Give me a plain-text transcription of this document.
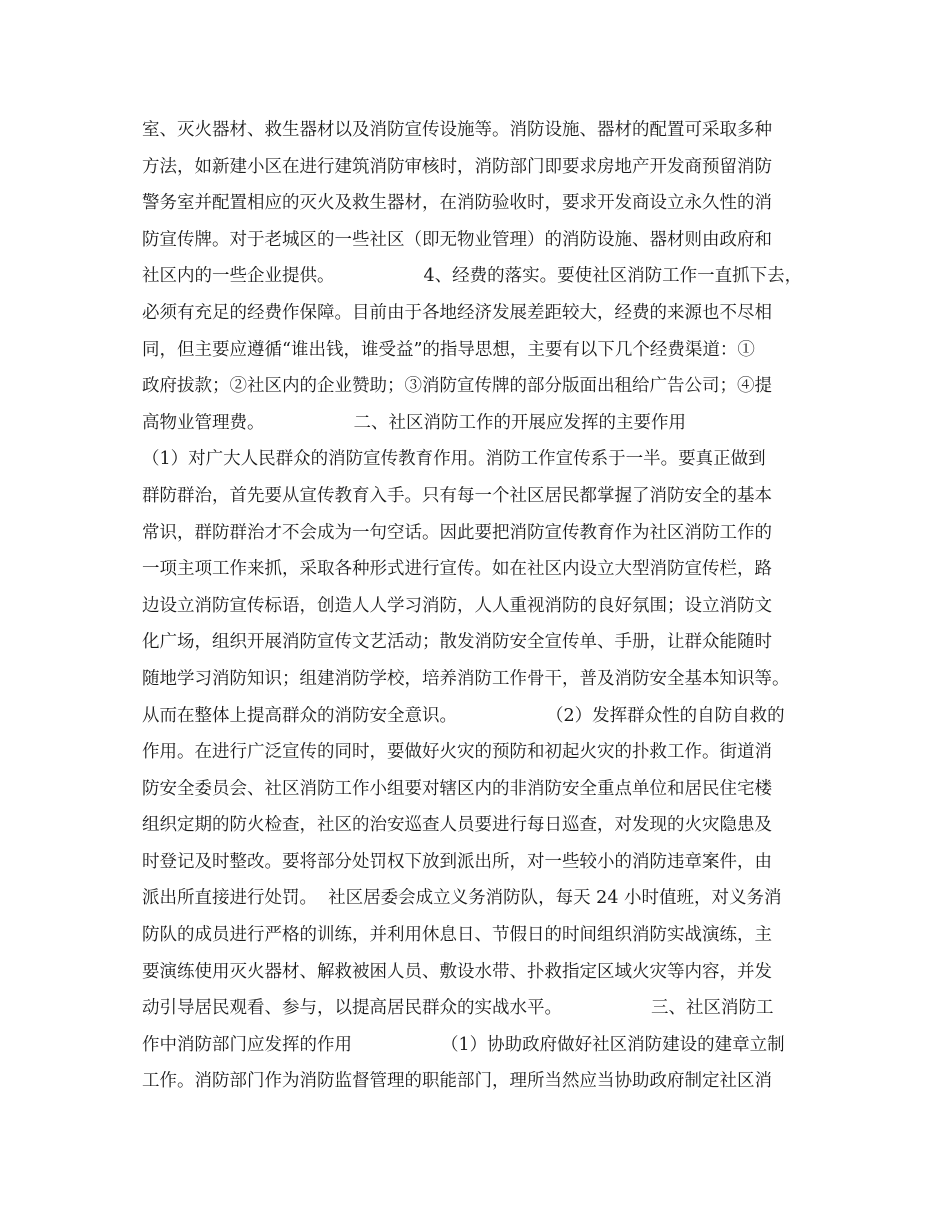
室、灭火器材、救生器材以及消防宣传设施等。消防设施、器材的配置可采取多种
方法，如新建小区在进行建筑消防审核时，消防部门即要求房地产开发商预留消防
警务室并配置相应的灭火及救生器材，在消防验收时，要求开发商设立永久性的消
防宣传牌。对于老城区的一些社区（即无物业管理）的消防设施、器材则由政府和
社区内的一些企业提供。                4、经费的落实。要使社区消防工作一直抓下去，
必须有充足的经费作保障。目前由于各地经济发展差距较大，经费的来源也不尽相
同，但主要应遵循“谁出钱，谁受益”的指导思想，主要有以下几个经费渠道：①
政府拔款；②社区内的企业赞助；③消防宣传牌的部分版面出租给广告公司；④提
高物业管理费。                二、社区消防工作的开展应发挥的主要作用
（1）对广大人民群众的消防宣传教育作用。消防工作宣传系于一半。要真正做到
群防群治，首先要从宣传教育入手。只有每一个社区居民都掌握了消防安全的基本
常识，群防群治才不会成为一句空话。因此要把消防宣传教育作为社区消防工作的
一项主项工作来抓，采取各种形式进行宣传。如在社区内设立大型消防宣传栏，路
边设立消防宣传标语，创造人人学习消防，人人重视消防的良好氛围；设立消防文
化广场，组织开展消防宣传文艺活动；散发消防安全宣传单、手册，让群众能随时
随地学习消防知识；组建消防学校，培养消防工作骨干，普及消防安全基本知识等。
从而在整体上提高群众的消防安全意识。                （2）发挥群众性的自防自救的
作用。在进行广泛宣传的同时，要做好火灾的预防和初起火灾的扑救工作。街道消
防安全委员会、社区消防工作小组要对辖区内的非消防安全重点单位和居民住宅楼
组织定期的防火检查，社区的治安巡查人员要进行每日巡查，对发现的火灾隐患及
时登记及时整改。要将部分处罚权下放到派出所，对一些较小的消防违章案件，由
派出所直接进行处罚。  社区居委会成立义务消防队，每天 24 小时值班，对义务消
防队的成员进行严格的训练，并利用休息日、节假日的时间组织消防实战演练，主
要演练使用灭火器材、解救被困人员、敷设水带、扑救指定区域火灾等内容，并发
动引导居民观看、参与，以提高居民群众的实战水平。                三、社区消防工
作中消防部门应发挥的作用                （1）协助政府做好社区消防建设的建章立制
工作。消防部门作为消防监督管理的职能部门，理所当然应当协助政府制定社区消
